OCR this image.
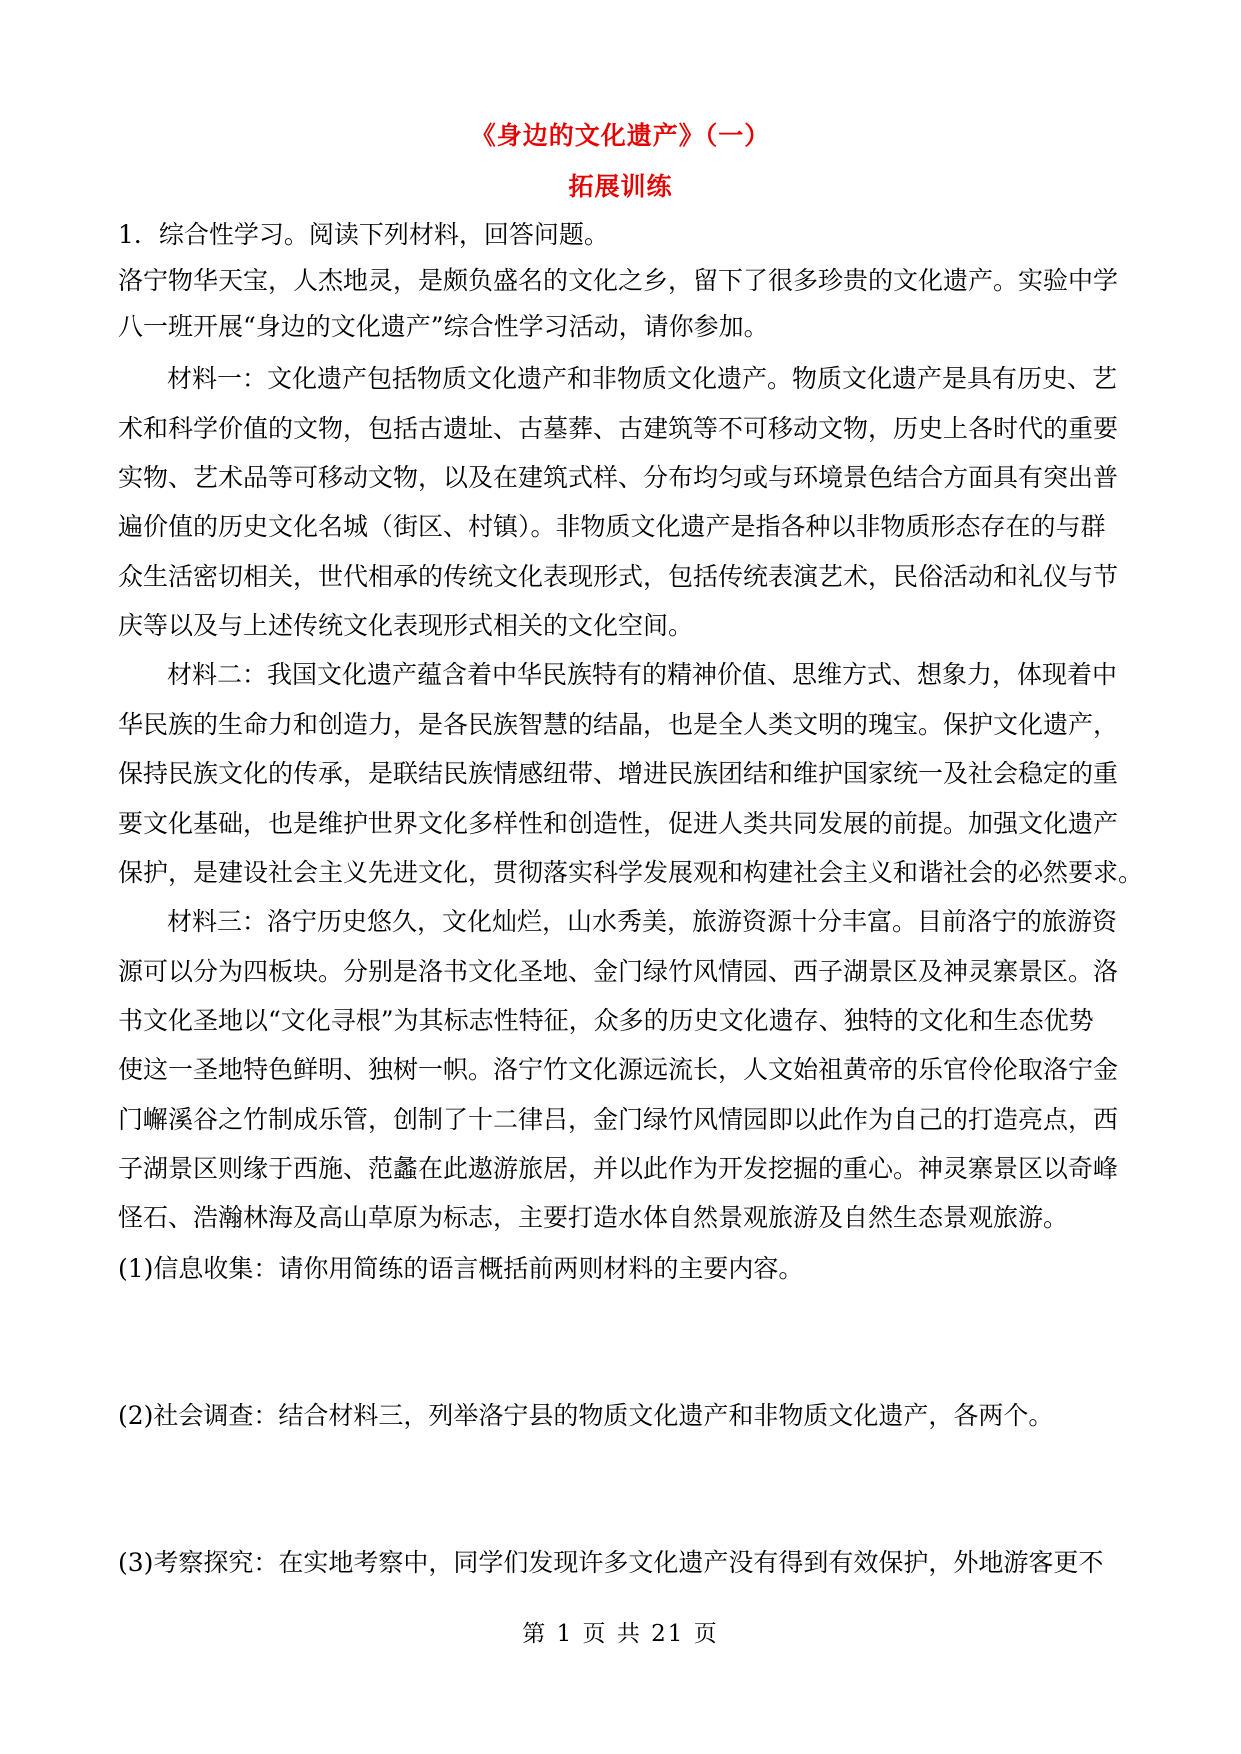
《身边的文化遗产》（一）
拓展训练
1．综合性学习。阅读下列材料，回答问题。
洛宁物华天宝，人杰地灵，是颇负盛名的文化之乡，留下了很多珍贵的文化遗产。实验中学
八一班开展“身边的文化遗产”综合性学习活动，请你参加。
材料一：文化遗产包括物质文化遗产和非物质文化遗产。物质文化遗产是具有历史、艺
术和科学价值的文物，包括古遗址、古墓葬、古建筑等不可移动文物，历史上各时代的重要
实物、艺术品等可移动文物，以及在建筑式样、分布均匀或与环境景色结合方面具有突出普
遍价值的历史文化名城（街区、村镇）。非物质文化遗产是指各种以非物质形态存在的与群
众生活密切相关，世代相承的传统文化表现形式，包括传统表演艺术，民俗活动和礼仪与节
庆等以及与上述传统文化表现形式相关的文化空间。
材料二：我国文化遗产蕴含着中华民族特有的精神价值、思维方式、想象力，体现着中
华民族的生命力和创造力，是各民族智慧的结晶，也是全人类文明的瑰宝。保护文化遗产，
保持民族文化的传承，是联结民族情感纽带、增进民族团结和维护国家统一及社会稳定的重
要文化基础，也是维护世界文化多样性和创造性，促进人类共同发展的前提。加强文化遗产
保护，是建设社会主义先进文化，贯彻落实科学发展观和构建社会主义和谐社会的必然要求。
材料三：洛宁历史悠久，文化灿烂，山水秀美，旅游资源十分丰富。目前洛宁的旅游资
源可以分为四板块。分别是洛书文化圣地、金门绿竹风情园、西子湖景区及神灵寨景区。洛
书文化圣地以“文化寻根”为其标志性特征，众多的历史文化遗存、独特的文化和生态优势
使这一圣地特色鲜明、独树一帜。洛宁竹文化源远流长，人文始祖黄帝的乐官伶伦取洛宁金
门嶰溪谷之竹制成乐管，创制了十二律吕，金门绿竹风情园即以此作为自己的打造亮点，西
子湖景区则缘于西施、范蠡在此遨游旅居，并以此作为开发挖掘的重心。神灵寨景区以奇峰
怪石、浩瀚林海及高山草原为标志，主要打造水体自然景观旅游及自然生态景观旅游。
(1)信息收集：请你用简练的语言概括前两则材料的主要内容。
(2)社会调查：结合材料三，列举洛宁县的物质文化遗产和非物质文化遗产，各两个。
(3)考察探究：在实地考察中，同学们发现许多文化遗产没有得到有效保护，外地游客更不
第 1 页 共 21 页
